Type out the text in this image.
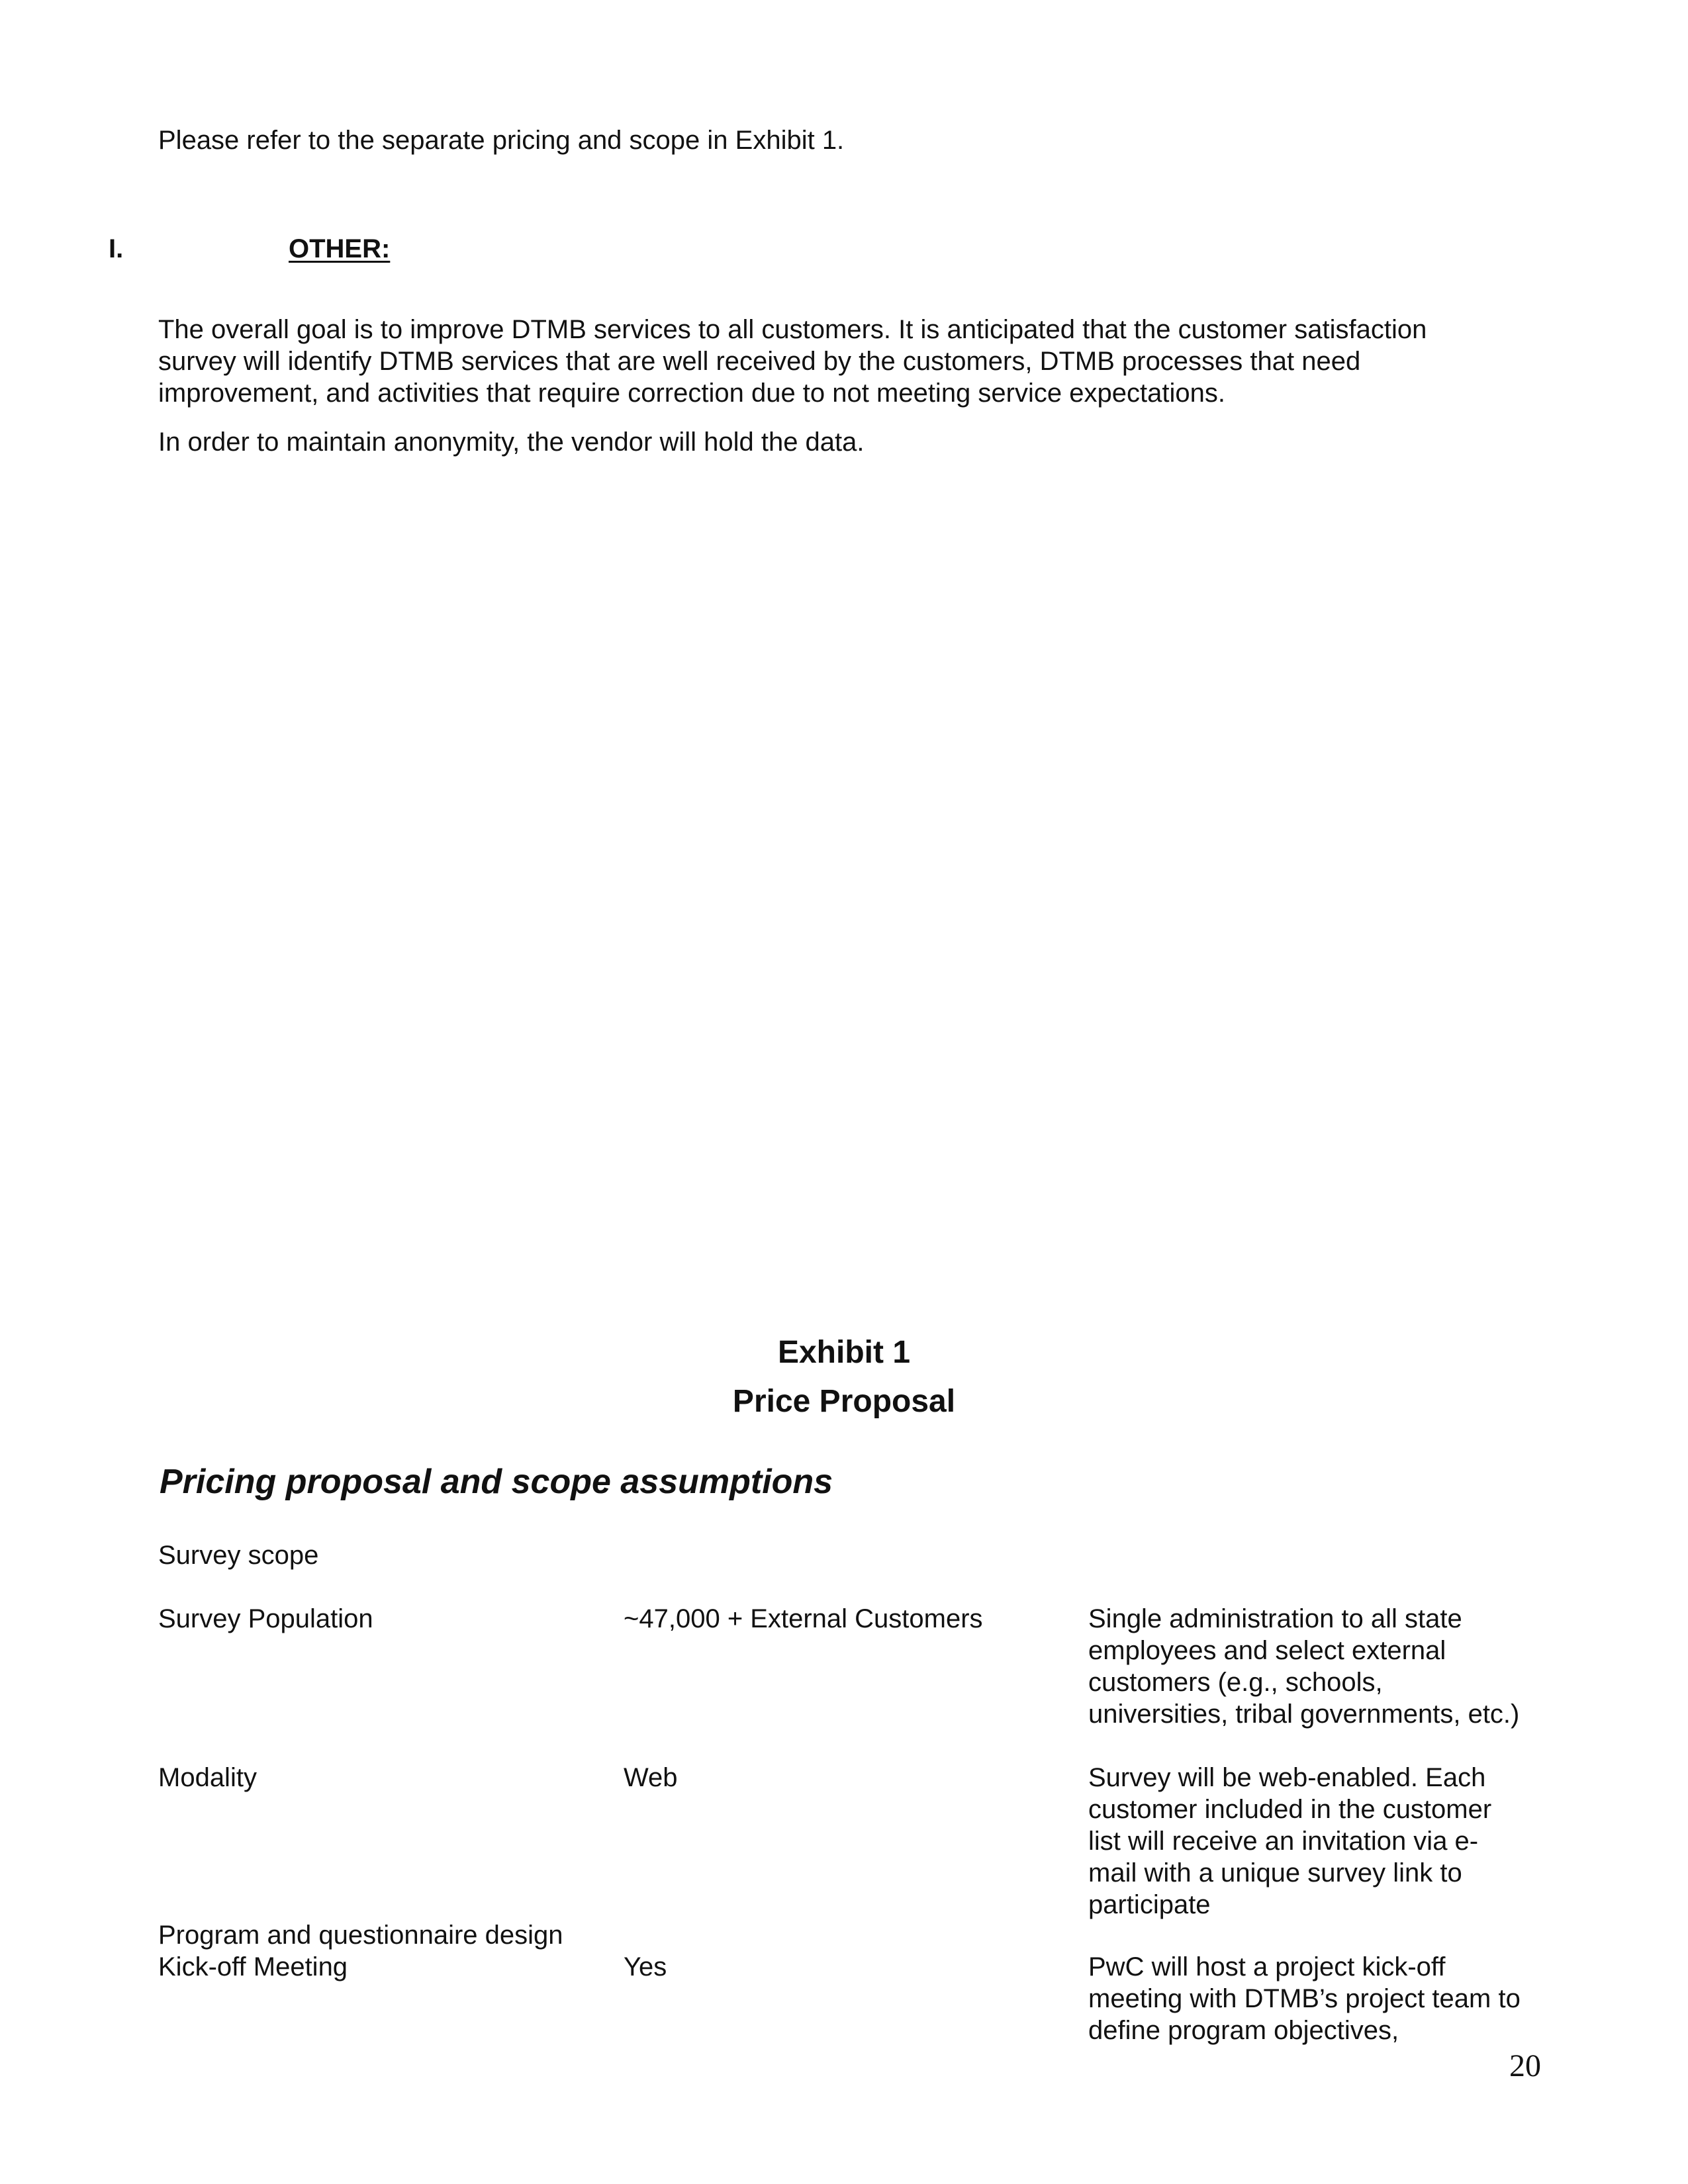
Please refer to the separate pricing and scope in Exhibit 1.

I.	OTHER:

The overall goal is to improve DTMB services to all customers. It is anticipated that the customer satisfaction survey will identify DTMB services that are well received by the customers, DTMB processes that need improvement, and activities that require correction due to not meeting service expectations.

In order to maintain anonymity, the vendor will hold the data.

Exhibit 1
Price Proposal
Pricing proposal and scope assumptions

Survey scope

Survey Population	~47,000 + External Customers	Single administration to all state employees and select external customers (e.g., schools, universities, tribal governments, etc.)
Modality	Web	Survey will be web-enabled. Each customer included in the customer list will receive an invitation via e-mail with a unique survey link to participate
Program and questionnaire design
Kick-off Meeting	Yes	PwC will host a project kick-off meeting with DTMB’s project team to define program objectives,
20
